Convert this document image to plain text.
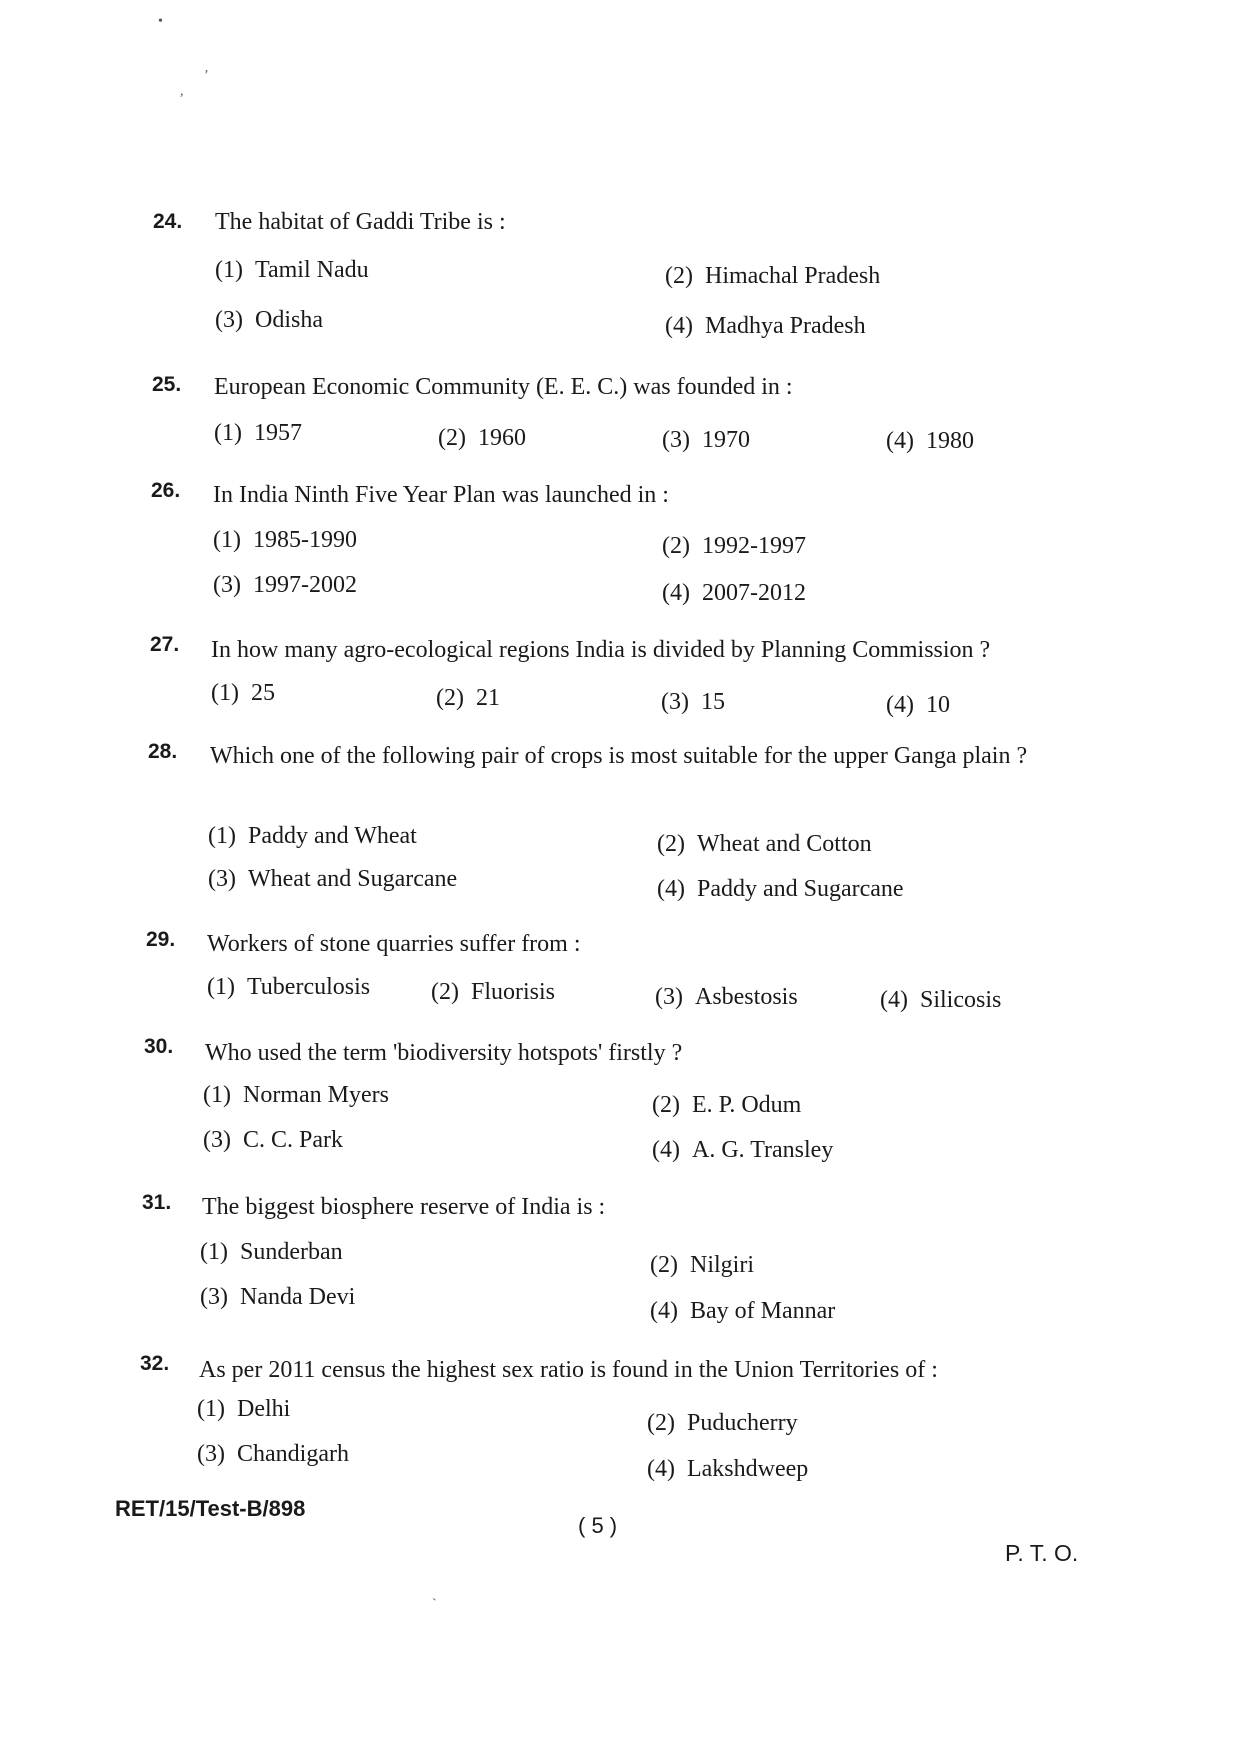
•
ʼ
,
24. The habitat of Gaddi Tribe is :
(1) Tamil Nadu	(2) Himachal Pradesh
(3) Odisha	(4) Madhya Pradesh
25. European Economic Community (E. E. C.) was founded in :
(1) 1957	(2) 1960	(3) 1970	(4) 1980
26. In India Ninth Five Year Plan was launched in :
(1) 1985-1990	(2) 1992-1997
(3) 1997-2002	(4) 2007-2012
27. In how many agro-ecological regions India is divided by Planning Commission ?
(1) 25	(2) 21	(3) 15	(4) 10
28. Which one of the following pair of crops is most suitable for the upper Ganga plain ?
(1) Paddy and Wheat	(2) Wheat and Cotton
(3) Wheat and Sugarcane	(4) Paddy and Sugarcane
29. Workers of stone quarries suffer from :
(1) Tuberculosis	(2) Fluorisis	(3) Asbestosis	(4) Silicosis
30. Who used the term 'biodiversity hotspots' firstly ?
(1) Norman Myers	(2) E. P. Odum
(3) C. C. Park	(4) A. G. Transley
31. The biggest biosphere reserve of India is :
(1) Sunderban	(2) Nilgiri
(3) Nanda Devi
(4) Bay of Mannar
32. As per 2011 census the highest sex ratio is found in the Union Territories of :
(1) Delhi
(2) Puducherry
(3) Chandigarh
(4) Lakshdweep
RET/15/Test-B/898
( 5 )
P. T. O.
ˋ
